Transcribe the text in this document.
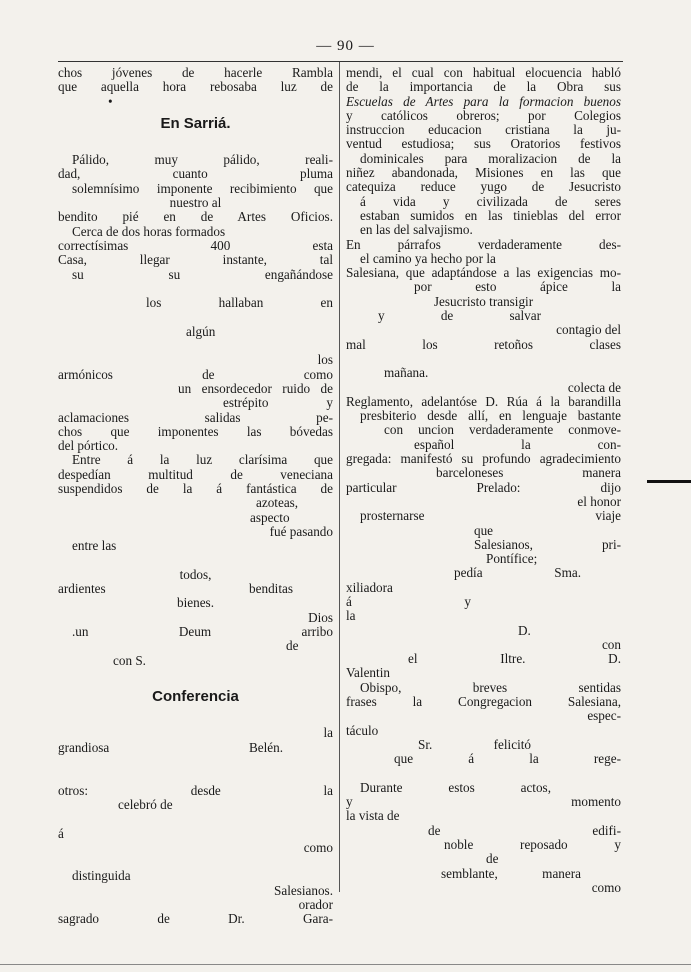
— 90 —
chos jóvenes de hacerle Rambla
que aquella hora rebosaba luz de
•
En Sarriá.
Pálido, muy pálido, reali-
dad, cuanto pluma
solemnísimo imponente recibimiento que
nuestro al
bendito pié en de Artes Oficios.
Cerca de dos horas formados
correctísimas 400 esta
Casa, llegar instante, tal
su su engañándose
los hallaban en
algún
los
armónicos de como
un ensordecedor ruido de
estrépito y
aclamaciones salidas pe-
chos que imponentes las bóvedas
del pórtico.
Entre á la luz clarísima que
despedían multitud de veneciana
suspendidos de la á fantástica de
azoteas,
aspecto
fué pasando
entre las
todos,
ardientes benditas
bienes.
Dios
.un Deum arribo
de
con S.
Conferencia
la
grandiosa Belén.
otros: desde la
celebró de
á
como
distinguida
Salesianos.
orador
sagrado de Dr. Gara-
mendi, el cual con habitual elocuencia habló
de la importancia de la Obra sus
Escuelas de Artes para la formacion buenos
y católicos obreros; por Colegios
instruccion educacion cristiana la ju-
ventud estudiosa; sus Oratorios festivos
dominicales para moralizacion de la
niñez abandonada, Misiones en las que
catequiza reduce yugo de Jesucristo
á vida y civilizada de seres
estaban sumidos en las tinieblas del error
en las del salvajismo.
En párrafos verdaderamente des-
el camino ya hecho por la
Salesiana, que adaptándose a las exigencias mo-
por esto ápice la
Jesucristo transigir
y de salvar
contagio del
mal los retoños clases
mañana.
colecta de
Reglamento, adelantóse D. Rúa á la barandilla
presbiterio desde allí, en lenguaje bastante
con uncion verdaderamente conmove-
español la con-
gregada: manifestó su profundo agradecimiento
barceloneses manera
particular Prelado: dijo
el honor
prosternarse viaje
que
Salesianos, pri-
Pontífice;
pedía Sma.
xiliadora
á y
la
D.
con
el Iltre. D.
Valentin
Obispo, breves sentidas
frases la Congregacion Salesiana,
espec-
táculo
Sr. felicitó
que á la rege-
Durante estos actos,
y momento
la vista de
de edifi-
noble reposado y
de
semblante, manera
como
